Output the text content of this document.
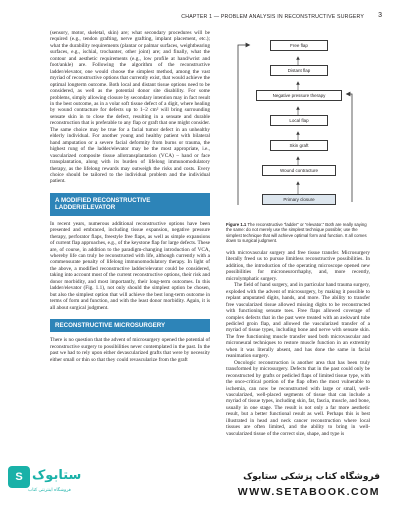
CHAPTER 1 — PROBLEM ANALYSIS IN RECONSTRUCTIVE SURGERY 3

(sensory, motor, skeletal, skin) are; what secondary procedures will be required (e.g., tendon grafting, nerve grafting, implant placement, etc.); what the durability requirements (plantar or palmar surfaces, weightbearing surfaces, e.g., ischial, trochanter, other joint) are; and finally, what the contour and aesthetic requirements (e.g., low profile at hand/wrist and foot/ankle) are. Following the algorithm of the reconstructive ladder/elevator, one would choose the simplest method, among the vast myriad of reconstructive options that currently exist, that would achieve the optimal longterm outcome. Both local and distant tissue options need to be considered, as well as the potential donor site disability. For some problems, simply allowing closure by secondary intention may in fact result in the best outcome, as in a volar soft tissue defect of a digit, where healing by wound contracture for defects up to 1–2 cm² will bring surrounding sensate skin in to close the defect, resulting in a sensate and durable reconstruction that is preferable to any flap or graft that one might consider. The same choice may be true for a facial tumor defect in an unhealthy elderly individual. For another young and healthy patient with bilateral hand amputation or a severe facial deformity from burns or trauma, the highest rung of the ladder/elevator may be the most appropriate, i.e., vascularized composite tissue allotransplantation (VCA) – hand or face transplantation, along with its burden of lifelong immunomodulatory therapy, as the lifelong rewards may outweigh the risks and costs. Every choice should be tailored to the individual problem and the individual patient.

A MODIFIED RECONSTRUCTIVE LADDER/ELEVATOR

In recent years, numerous additional reconstructive options have been presented and embraced, including tissue expansion, negative pressure therapy, perforator flaps, freestyle free flaps, as well as simple expansions of current flap approaches, e.g., of the keystone flap for large defects. These are, of course, in addition to the paradigm-changing introduction of VCA, whereby life can truly be reconstructed with life, although currently with a commensurate penalty of lifelong immunomodulatory therapy. In light of the above, a modified reconstructive ladder/elevator could be considered, taking into account most of the current reconstructive options, their risk and donor morbidity, and most importantly, their long-term outcomes. In this ladder/elevator (Fig. 1.1), not only should the simplest option be chosen, but also the simplest option that will achieve the best long-term outcome in terms of form and function, and with the least donor morbidity. Again, it is all about surgical judgment.

RECONSTRUCTIVE MICROSURGERY

There is no question that the advent of microsurgery opened the potential of reconstructive surgery to possibilities never contemplated in the past. In the past we had to rely upon either devascularized grafts that were by necessity either small or thin so that they could revascularize from the graft

Free flap
Distant flap
Negative pressure therapy
Local flap
Skin graft
Wound contracture
Primary closure
Figure 1.1 The reconstructive “ladder” or “elevator.” Both are really saying the same: do not merely use the simplest technique possible; use the simplest technique that will achieve optimal form and function. It all comes down to surgical judgment.

with microvascular surgery and free tissue transfer. Microsurgery literally freed us to pursue limitless reconstructive possibilities. In addition, the introduction of the operating microscope opened new possibilities for microneurorrhaphy, and, more recently, microlymphatic surgery.

The field of hand surgery, and in particular hand trauma surgery, exploded with the advent of microsurgery, by making it possible to replant amputated digits, hands, and more. The ability to transfer free vascularized tissue allowed missing digits to be reconstructed with functioning sensate toes. Free flaps allowed coverage of complex defects that in the past were treated with an awkward tube pedicled groin flap, and allowed the vascularized transfer of a myriad of tissue types, including bone and nerve with sensate skin. The free functioning muscle transfer used both microvascular and microneural techniques to restore muscle function in an extremity when it was literally absent, and has done the same in facial reanimation surgery.

Oncologic reconstruction is another area that has been truly transformed by microsurgery. Defects that in the past could only be reconstructed by grafts or pedicled flaps of limited tissue type, with the once-critical portion of the flap often the most vulnerable to ischemia, can now be reconstructed with large or small, well-vascularized, well-placed segments of tissue that can include a myriad of tissue types, including skin, fat, fascia, muscle, and bone, usually in one stage. The result is not only a far more aesthetic result, but a better functional result as well. Perhaps this is best illustrated in head and neck cancer reconstruction where local tissues are often limited, and the ability to bring in well-vascularized tissue of the correct size, shape, and type is

S ستابوک
فروشگاه اینترنتی کتاب
فروشگاه کتاب پزشکی ستابوک
WWW.SETABOOK.COM
